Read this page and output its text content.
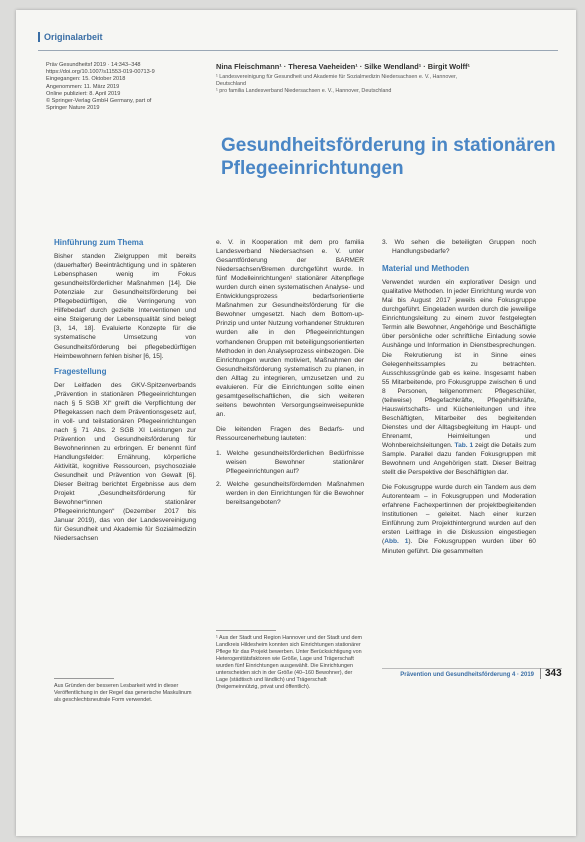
Originalarbeit
Präv Gesundheitsf 2019 · 14:343–348
https://doi.org/10.1007/s11553-019-00713-9
Eingegangen: 15. Oktober 2018
Angenommen: 11. März 2019
Online publiziert: 8. April 2019
© Springer-Verlag GmbH Germany, part of
Springer Nature 2019
Nina Fleischmann¹ · Theresa Vaeheiden¹ · Silke Wendland¹ · Birgit Wolff¹
¹ Landesvereinigung für Gesundheit und Akademie für Sozialmedizin Niedersachsen e. V., Hannover,
Deutschland
¹ pro familia Landesverband Niedersachsen e. V., Hannover, Deutschland
Gesundheitsförderung in stationären Pflegeeinrichtungen
Hinführung zum Thema

Bisher standen Zielgruppen mit bereits (dauerhafter) Beeinträchtigung und in späteren Lebensphasen wenig im Fokus gesundheitsförderlicher Maßnahmen [14]. Die Potenziale zur Gesundheitsförderung bei Pflegebedürftigen, die Verringerung von Hilfebedarf durch gezielte Interventionen und eine Steigerung der Lebensqualität sind belegt [3, 14, 18]. Evaluierte Konzepte für die systematische Umsetzung von Gesundheitsförderung bei pflegebedürftigen Heimbewohnern fehlen bisher [6, 15].

Fragestellung

Der Leitfaden des GKV-Spitzenverbands „Prävention in stationären Pflegeeinrichtungen nach § 5 SGB XI“ greift die Verpflichtung der Pflegekassen nach dem Präventionsgesetz auf, in voll- und teilstationären Pflegeeinrichtungen nach § 71 Abs. 2 SGB XI Leistungen zur Prävention und Gesundheitsförderung für Bewohnerinnen zu erbringen. Er benennt fünf Handlungsfelder: Ernährung, körperliche Aktivität, kognitive Ressourcen, psychosoziale Gesundheit und Prävention von Gewalt [6]. Dieser Beitrag berichtet Ergebnisse aus dem Projekt „Gesundheitsförderung für Bewohner*innen stationärer Pflegeeinrichtungen“ (Dezember 2017 bis Januar 2019), das von der Landesvereinigung für Gesundheit und Akademie für Sozialmedizin Niedersachsen

Aus Gründen der besseren Lesbarkeit wird in dieser Veröffentlichung in der Regel das generische Maskulinum als geschlechtsneutrale Form verwendet.

e. V. in Kooperation mit dem pro familia Landesverband Niedersachsen e. V. unter Gesamtförderung der BARMER Niedersachsen/Bremen durchgeführt wurde. In fünf Modelleinrichtungen¹ stationärer Altenpflege wurden durch einen systematischen Analyse- und Entwicklungsprozess bedarfsorientierte Maßnahmen zur Gesundheitsförderung für die Bewohner umgesetzt. Nach dem Bottom-up-Prinzip und unter Nutzung vorhandener Strukturen wurden alle in den Pflegeeinrichtungen vorhandenen Gruppen mit beteiligungsorientierten Methoden in den Analyseprozess einbezogen. Die Einrichtungen wurden motiviert, Maßnahmen der Gesundheitsförderung systematisch zu planen, in den Alltag zu integrieren, umzusetzen und zu evaluieren. Für die Einrichtungen sollte einen gesamtgesellschaftlichen, die sich weiteren seitens bewohnten Versorgungseinweisepunkte an.

Die leitenden Fragen des Bedarfs- und Ressourcenerhebung lauteten:

1. Welche gesundheitsförderlichen Bedürfnisse weisen Bewohner stationärer Pflegeeinrichtungen auf?
2. Welche gesundheitsfördernden Maßnahmen werden in den Einrichtungen für die Bewohner bereitsangeboten?
¹ Aus der Stadt und Region Hannover und der Stadt und dem Landkreis Hildesheim konnten sich Einrichtungen stationärer Pflege für das Projekt bewerben. Unter Berücksichtigung von Heterogenitätsfaktoren wie Größe, Lage und Trägerschaft wurden fünf Einrichtungen ausgewählt. Die Einrichtungen unterscheiden sich in der Größe (40–160 Bewohner), der Lage (städtisch und ländlich) und Trägerschaft (freigemeinnützig, privat und öffentlich).
3. Wo sehen die beteiligten Gruppen noch Handlungsbedarfe?
Material und Methoden

Verwendet wurden ein explorativer Design und qualitative Methoden. In jeder Einrichtung wurde von Mai bis August 2017 jeweils eine Fokusgruppe durchgeführt. Eingeladen wurden durch die jeweilige Einrichtungsleitung zu einem zuvor festgelegten Termin alle Bewohner, Angehörige und Beschäftigte über persönliche oder schriftliche Einladung sowie Aushänge und Information in Dienstbesprechungen. Die Rekrutierung ist in Sinne eines Gelegenheitssamples zu betrachten. Ausschlussgründe gab es keine. Insgesamt haben 55 Mitarbeitende, pro Fokusgruppe zwischen 6 und 8 Personen, teilgenommen: Pflegeschüler, (teilweise) Pflegefachkräfte, Pflegehilfskräfte, Hauswirtschafts- und Küchenleitungen und ihre Beschäftigten, Mitarbeiter des begleitenden Dienstes und der Alltagsbegleitung im Haupt- und Ehrenamt, Heimleitungen und Wohnbereichsleitungen. Tab. 1 zeigt die Details zum Sample. Parallel dazu fanden Fokusgruppen mit Bewohnern und Angehörigen statt. Dieser Beitrag stellt die Perspektive der Beschäftigten dar.

Die Fokusgruppe wurde durch ein Tandem aus dem Autorenteam – in Fokusgruppen und Moderation erfahrene Fachexpertinnen der projektbegleitenden Institutionen – geleitet. Nach einer kurzen Einführung zum Projekthintergrund wurden auf den ersten Leitfrage in die Diskussion eingestiegen (Abb. 1). Die Fokusgruppen wurden über 60 Minuten geführt. Die gesammelten

Prävention und Gesundheitsförderung 4 · 2019	343
